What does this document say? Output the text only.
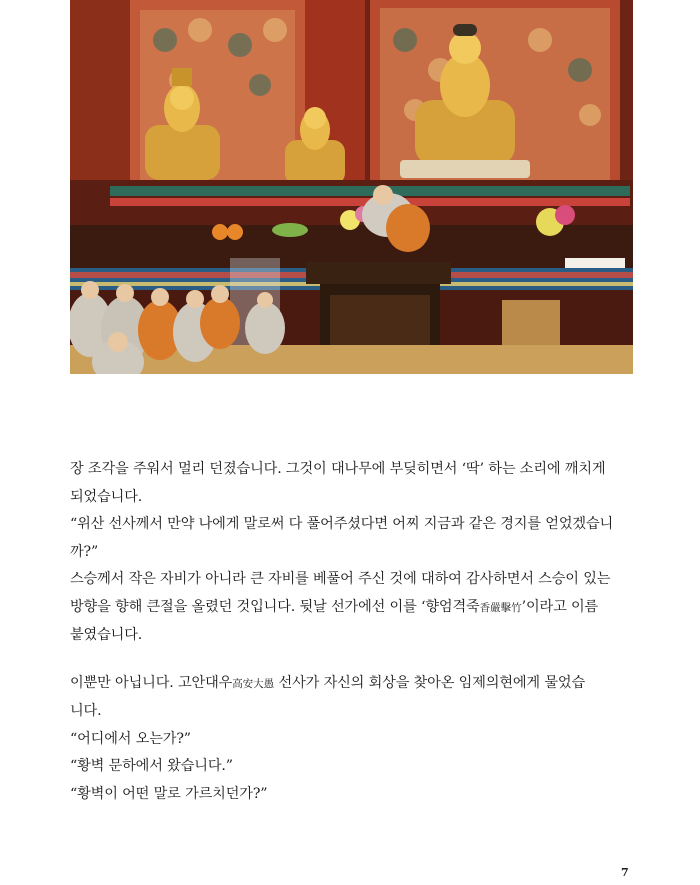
장 조각을 주워서 멀리 던졌습니다. 그것이 대나무에 부딪히면서 ‘딱’ 하는 소리에 깨치게
되었습니다.

“위산 선사께서 만약 나에게 말로써 다 풀어주셨다면 어찌 지금과 같은 경지를 얻었겠습니
까?”

스승께서 작은 자비가 아니라 큰 자비를 베풀어 주신 것에 대하여 감사하면서 스승이 있는
방향을 향해 큰절을 올렸던 것입니다. 뒷날 선가에선 이를 ‘향엄격죽香嚴擊竹’이라고 이름
붙였습니다.

이뿐만 아닙니다. 고안대우高安大愚 선사가 자신의 회상을 찾아온 임제의현에게 물었습
니다.

“어디에서 오는가?”

“황벽 문하에서 왔습니다.”

“황벽이 어떤 말로 가르치던가?”

7
